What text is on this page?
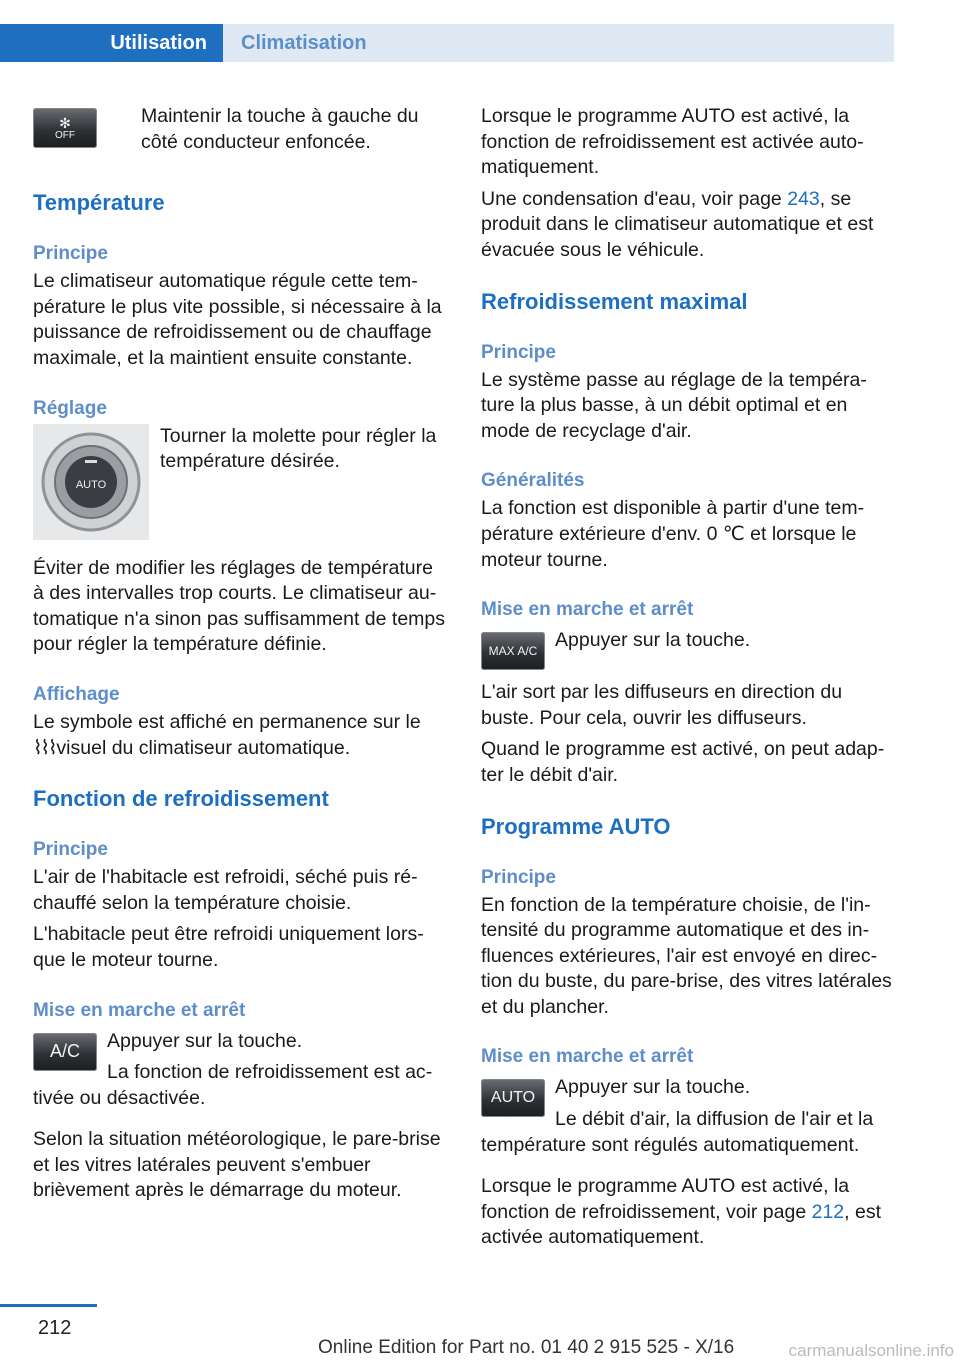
Utilisation	Climatisation
✻
OFF

Maintenir la touche à gauche du côté conducteur enfoncée.

Température
Principe

Le climatiseur automatique régule cette température le plus vite possible, si nécessaire à la puissance de refroidissement ou de chauffage maximale, et la maintient ensuite constante.

Réglage
AUTO

Tourner la molette pour régler la température désirée.

Éviter de modifier les réglages de température à des intervalles trop courts. Le climatiseur automatique n'a sinon pas suffisamment de temps pour régler la température définie.

Affichage

Le symbole est affiché en permanence sur le
⌇⌇⌇ visuel du climatiseur automatique.

Fonction de refroidissement
Principe

L'air de l'habitacle est refroidi, séché puis réchauffé selon la température choisie.

L'habitacle peut être refroidi uniquement lorsque le moteur tourne.

Mise en marche et arrêt
A/C	Appuyer sur la touche.

La fonction de refroidissement est activée ou désactivée.

Selon la situation météorologique, le pare-brise et les vitres latérales peuvent s'embuer brièvement après le démarrage du moteur.

Lorsque le programme AUTO est activé, la fonction de refroidissement est activée automatiquement.

Une condensation d'eau, voir page 243, se produit dans le climatiseur automatique et est évacuée sous le véhicule.

Refroidissement maximal
Principe

Le système passe au réglage de la température la plus basse, à un débit optimal et en mode de recyclage d'air.

Généralités

La fonction est disponible à partir d'une température extérieure d'env. 0 ℃ et lorsque le moteur tourne.

Mise en marche et arrêt
MAX A/C Appuyer sur la touche.

L'air sort par les diffuseurs en direction du buste. Pour cela, ouvrir les diffuseurs.

Quand le programme est activé, on peut adapter le débit d'air.

Programme AUTO
Principe

En fonction de la température choisie, de l'intensité du programme automatique et des influences extérieures, l'air est envoyé en direction du buste, du pare-brise, des vitres latérales et du plancher.

Mise en marche et arrêt
AUTO	Appuyer sur la touche.

Le débit d'air, la diffusion de l'air et la température sont régulés automatiquement.

Lorsque le programme AUTO est activé, la fonction de refroidissement, voir page 212, est activée automatiquement.

212
Online Edition for Part no. 01 40 2 915 525 - X/16	carmanualsonline.info
